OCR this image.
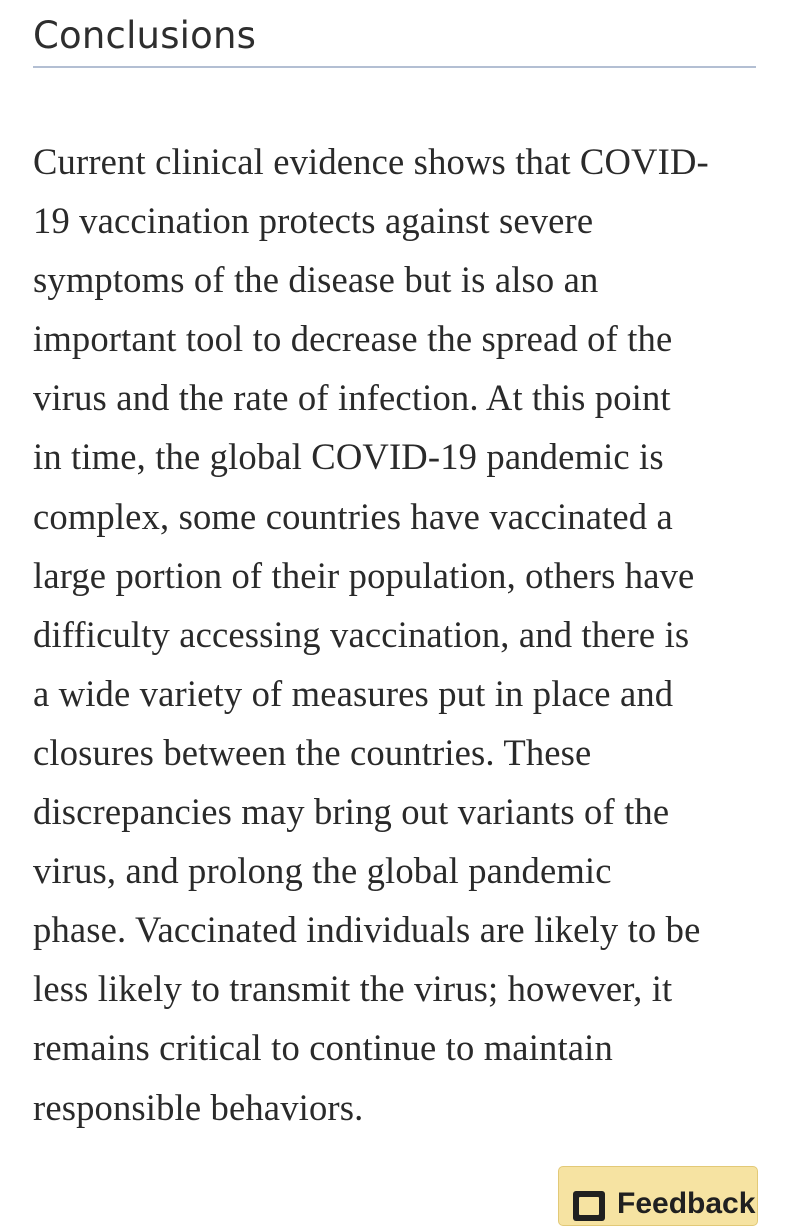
Conclusions

Current clinical evidence shows that COVID-
19 vaccination protects against severe
symptoms of the disease but is also an
important tool to decrease the spread of the
virus and the rate of infection. At this point
in time, the global COVID-19 pandemic is
complex, some countries have vaccinated a
large portion of their population, others have
difficulty accessing vaccination, and there is
a wide variety of measures put in place and
closures between the countries. These
discrepancies may bring out variants of the
virus, and prolong the global pandemic
phase. Vaccinated individuals are likely to be
less likely to transmit the virus; however, it
remains critical to continue to maintain
responsible behaviors.

Feedback
